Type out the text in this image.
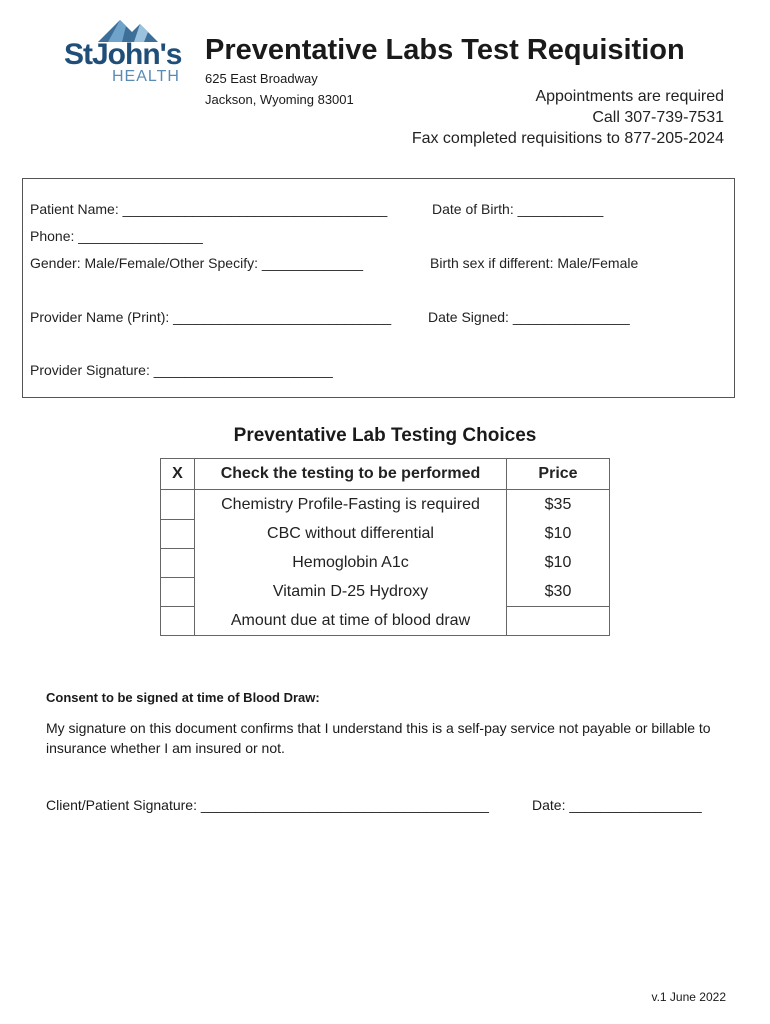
StJohn's
HEALTH
Preventative Labs Test Requisition
625 East Broadway
Jackson, Wyoming 83001	Appointments are required
Call 307-739-7531
Fax completed requisitions to 877-205-2024
Patient Name: __________________________________	Date of Birth: ___________
Phone: ________________
Gender: Male/Female/Other Specify: _____________	Birth sex if different: Male/Female
Provider Name (Print): ____________________________	Date Signed: _______________
Provider Signature: _______________________
Preventative Lab Testing Choices
X	Check the testing to be performed	Price
	Chemistry Profile-Fasting is required	$35
	CBC without differential	$10
	Hemoglobin A1c	$10
	Vitamin D-25 Hydroxy	$30
	Amount due at time of blood draw	
Consent to be signed at time of Blood Draw:
My signature on this document confirms that I understand this is a self-pay service not payable or billable to insurance whether I am insured or not.
Client/Patient Signature: _____________________________________	Date: _________________
v.1 June 2022
